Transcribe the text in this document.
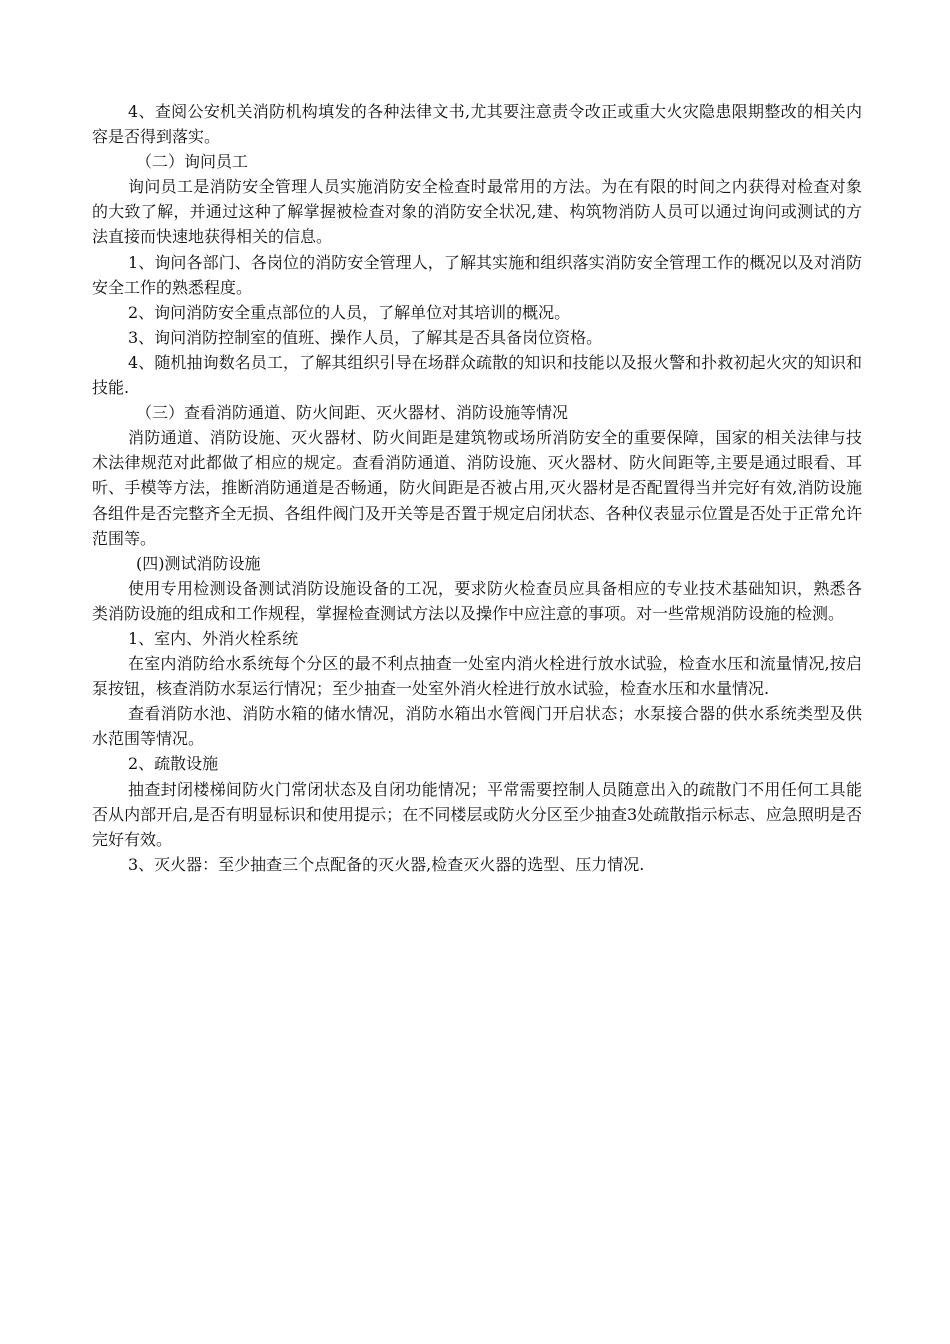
4、查阅公安机关消防机构填发的各种法律文书,尤其要注意责令改正或重大火灾隐患限期整改的相关内容是否得到落实。

（二）询问员工

询问员工是消防安全管理人员实施消防安全检查时最常用的方法。为在有限的时间之内获得对检查对象的大致了解，并通过这种了解掌握被检查对象的消防安全状况,建、构筑物消防人员可以通过询问或测试的方法直接而快速地获得相关的信息。

1、询问各部门、各岗位的消防安全管理人，了解其实施和组织落实消防安全管理工作的概况以及对消防安全工作的熟悉程度。

2、询问消防安全重点部位的人员，了解单位对其培训的概况。

3、询问消防控制室的值班、操作人员，了解其是否具备岗位资格。

4、随机抽询数名员工，了解其组织引导在场群众疏散的知识和技能以及报火警和扑救初起火灾的知识和技能.

（三）查看消防通道、防火间距、灭火器材、消防设施等情况

消防通道、消防设施、灭火器材、防火间距是建筑物或场所消防安全的重要保障，国家的相关法律与技术法律规范对此都做了相应的规定。查看消防通道、消防设施、灭火器材、防火间距等,主要是通过眼看、耳听、手模等方法，推断消防通道是否畅通，防火间距是否被占用,灭火器材是否配置得当并完好有效,消防设施各组件是否完整齐全无损、各组件阀门及开关等是否置于规定启闭状态、各种仪表显示位置是否处于正常允许范围等。

(四)测试消防设施

使用专用检测设备测试消防设施设备的工况，要求防火检查员应具备相应的专业技术基础知识，熟悉各类消防设施的组成和工作规程，掌握检查测试方法以及操作中应注意的事项。对一些常规消防设施的检测。

1、室内、外消火栓系统

在室内消防给水系统每个分区的最不利点抽查一处室内消火栓进行放水试验，检查水压和流量情况,按启泵按钮，核查消防水泵运行情况；至少抽查一处室外消火栓进行放水试验，检查水压和水量情况.

查看消防水池、消防水箱的储水情况，消防水箱出水管阀门开启状态；水泵接合器的供水系统类型及供水范围等情况。

2、疏散设施

抽查封闭楼梯间防火门常闭状态及自闭功能情况；平常需要控制人员随意出入的疏散门不用任何工具能否从内部开启,是否有明显标识和使用提示；在不同楼层或防火分区至少抽查3处疏散指示标志、应急照明是否完好有效。

3、灭火器：至少抽查三个点配备的灭火器,检查灭火器的选型、压力情况.
